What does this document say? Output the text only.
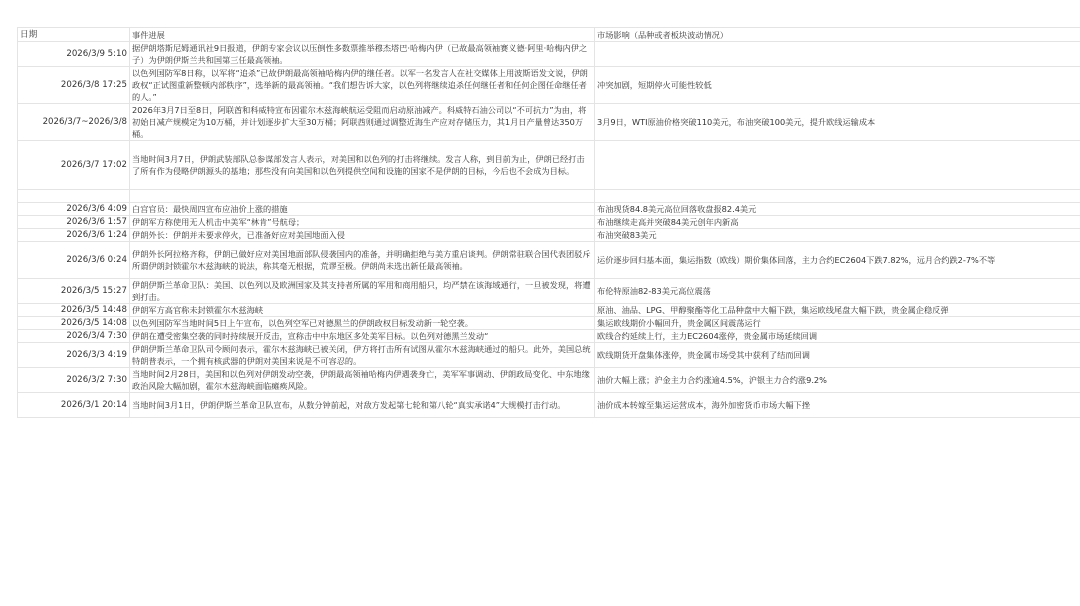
日期	事件进展	市场影响（品种或者板块波动情况）
2026/3/9 5:10	据伊朗塔斯尼姆通讯社9日报道，伊朗专家会议以压倒性多数票推举穆杰塔巴·哈梅内伊（已故最高领袖赛义德·阿里·哈梅内伊之子）为伊朗伊斯兰共和国第三任最高领袖。	
2026/3/8 17:25	以色列国防军8日称，以军将“追杀”已故伊朗最高领袖哈梅内伊的继任者。以军一名发言人在社交媒体上用波斯语发文说，伊朗政权“正试图重新整顿内部秩序”，选举新的最高领袖。“我们想告诉大家，以色列将继续追杀任何继任者和任何企图任命继任者的人。”	冲突加剧，短期停火可能性较低
2026/3/7~2026/3/8	2026年3月7日至8日，阿联酋和科威特宣布因霍尔木兹海峡航运受阻而启动原油减产。科威特石油公司以“不可抗力”为由，将初始日减产规模定为10万桶，并计划逐步扩大至30万桶；阿联酋则通过调整近海生产应对存储压力，其1月日产量曾达350万桶。	3月9日，WTI原油价格突破110美元，布油突破100美元，提升欧线运输成本
2026/3/7 17:02	当地时间3月7日，伊朗武装部队总参谋部发言人表示，对美国和以色列的打击将继续。发言人称，到目前为止，伊朗已经打击了所有作为侵略伊朗源头的基地；那些没有向美国和以色列提供空间和设施的国家不是伊朗的目标，今后也不会成为目标。	

2026/3/6 4:09	白宫官员：最快周四宣布应油价上涨的措施	布油现货84.8美元高位回落收盘报82.4美元
2026/3/6 1:57	伊朗军方称使用无人机击中美军“林肯”号航母；	布油继续走高并突破84美元创年内新高
2026/3/6 1:24	伊朗外长：伊朗并未要求停火，已准备好应对美国地面入侵	布油突破83美元
2026/3/6 0:24	伊朗外长阿拉格齐称，伊朗已做好应对美国地面部队侵袭国内的准备，并明确拒绝与美方重启谈判。伊朗常驻联合国代表团驳斥所谓伊朗封锁霍尔木兹海峡的说法，称其毫无根据，荒谬至极。伊朗尚未选出新任最高领袖。	运价逐步回归基本面，集运指数（欧线）期价集体回落，主力合约EC2604下跌7.82%，远月合约跌2-7%不等
2026/3/5 15:27	伊朗伊斯兰革命卫队：美国、以色列以及欧洲国家及其支持者所属的军用和商用船只，均严禁在该海域通行，一旦被发现，将遭到打击。	布伦特原油82-83美元高位震荡
2026/3/5 14:48	伊朗军方高官称未封锁霍尔木兹海峡	原油、油品、LPG、甲醇聚酯等化工品种盘中大幅下跌，集运欧线尾盘大幅下跌，贵金属企稳反弹
2026/3/5 14:08	以色列国防军当地时间5日上午宣布，以色列空军已对德黑兰的伊朗政权目标发动新一轮空袭。	集运欧线期价小幅回升，贵金属区间震荡运行
2026/3/4 7:30	伊朗在遭受密集空袭的同时持续展开反击，宣称击中中东地区多处美军目标。以色列对德黑兰发动“	欧线合约延续上行，主力EC2604涨停，贵金属市场延续回调
2026/3/3 4:19	伊朗伊斯兰革命卫队司令顾问表示，霍尔木兹海峡已被关闭，伊方将打击所有试图从霍尔木兹海峡通过的船只。此外，美国总统特朗普表示，一个拥有核武器的伊朗对美国来说是不可容忍的。	欧线期货开盘集体涨停，贵金属市场受其中获利了结而回调
2026/3/2 7:30	当地时间2月28日，美国和以色列对伊朗发动空袭，伊朗最高领袖哈梅内伊遇袭身亡，美军军事调动、伊朗政局变化、中东地缘政治风险大幅加剧，霍尔木兹海峡面临瘫痪风险。	油价大幅上涨；沪金主力合约涨逾4.5%，沪银主力合约涨9.2%
2026/3/1 20:14	当地时间3月1日，伊朗伊斯兰革命卫队宣布，从数分钟前起，对敌方发起第七轮和第八轮“真实承诺4”大规模打击行动。	油价成本转嫁至集运运营成本，海外加密货币市场大幅下挫
